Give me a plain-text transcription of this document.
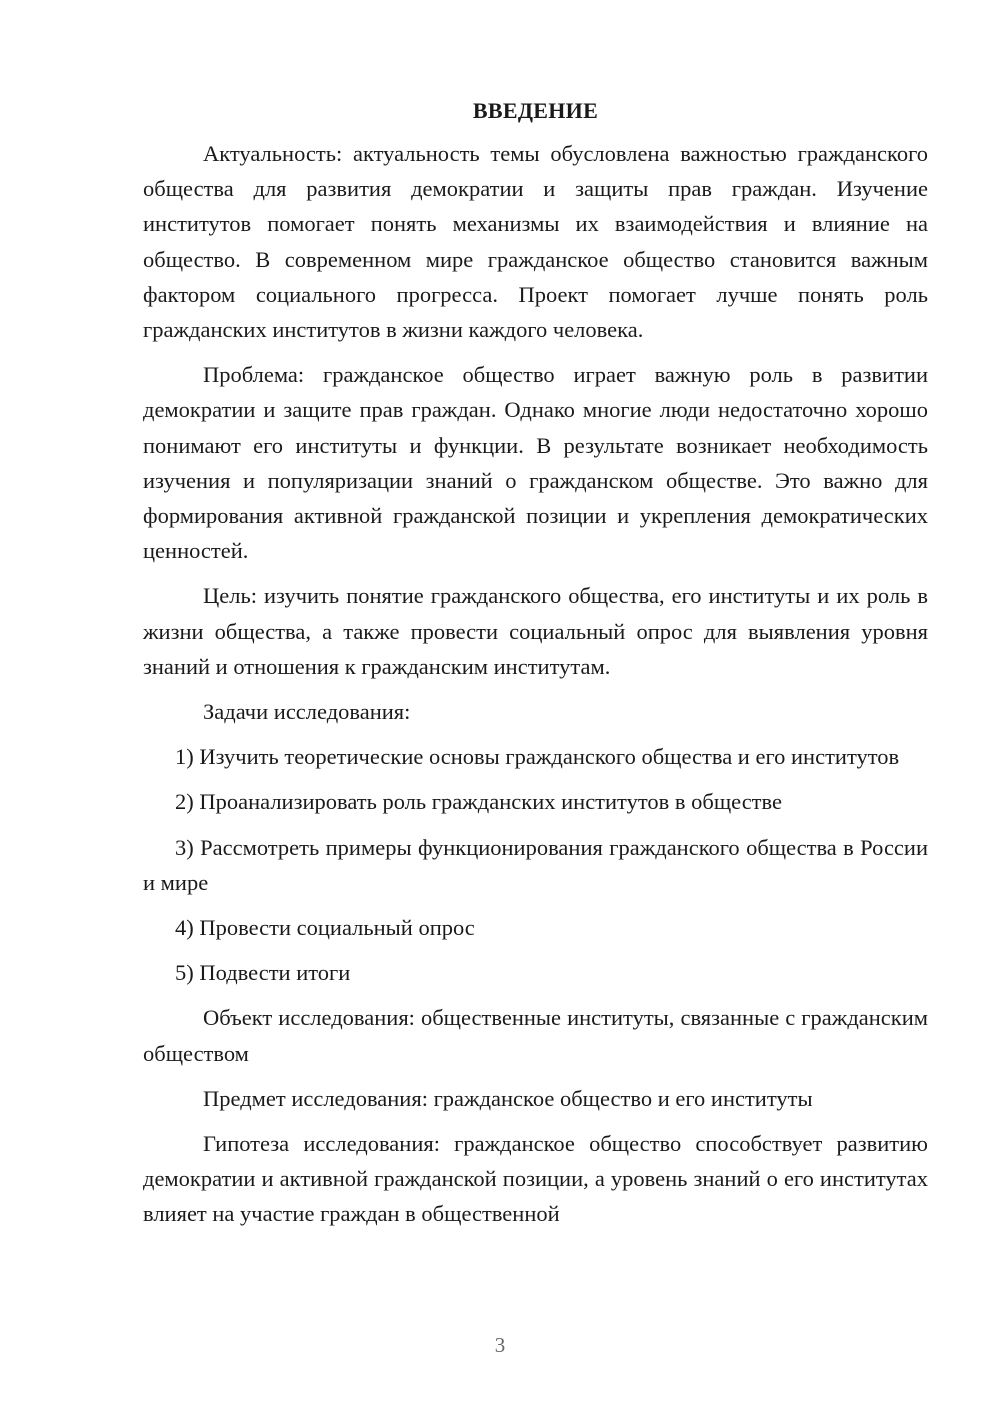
ВВЕДЕНИЕ

Актуальность: актуальность темы обусловлена важностью гражданского общества для развития демократии и защиты прав граждан. Изучение институтов помогает понять механизмы их взаимодействия и влияние на общество. В современном мире гражданское общество становится важным фактором социального прогресса. Проект помогает лучше понять роль гражданских институтов в жизни каждого человека.

Проблема: гражданское общество играет важную роль в развитии демократии и защите прав граждан. Однако многие люди недостаточно хорошо понимают его институты и функции. В результате возникает необходимость изучения и популяризации знаний о гражданском обществе. Это важно для формирования активной гражданской позиции и укрепления демократических ценностей.

Цель: изучить понятие гражданского общества, его институты и их роль в жизни общества, а также провести социальный опрос для выявления уровня знаний и отношения к гражданским институтам.

Задачи исследования:

1) Изучить теоретические основы гражданского общества и его институтов

2) Проанализировать роль гражданских институтов в обществе

3) Рассмотреть примеры функционирования гражданского общества в России и мире

4) Провести социальный опрос

5) Подвести итоги

Объект исследования: общественные институты, связанные с гражданским обществом

Предмет исследования: гражданское общество и его институты

Гипотеза исследования: гражданское общество способствует развитию демократии и активной гражданской позиции, а уровень знаний о его институтах влияет на участие граждан в общественной

3
